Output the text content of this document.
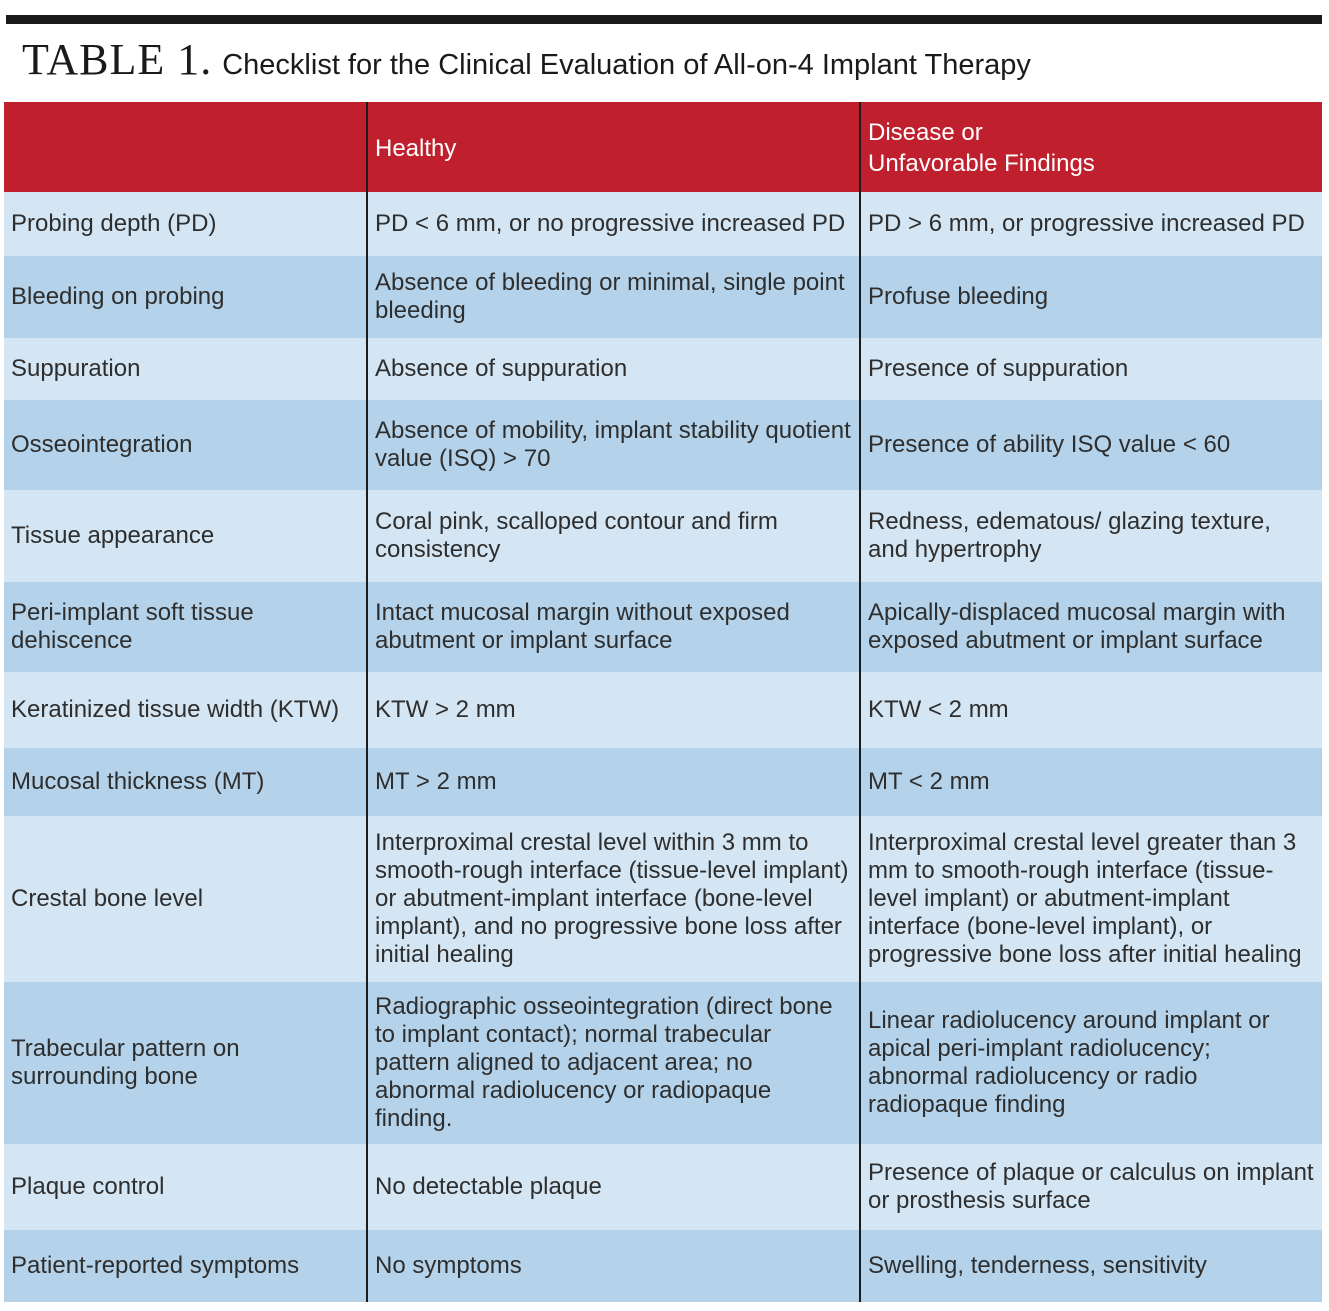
TABLE 1. Checklist for the Clinical Evaluation of All-on-4 Implant Therapy
	Healthy	Disease or
Unfavorable Findings
Probing depth (PD)	PD < 6 mm, or no progressive increased PD	PD > 6 mm, or progressive increased PD
Bleeding on probing	Absence of bleeding or minimal, single point bleeding	Profuse bleeding
Suppuration	Absence of suppuration	Presence of suppuration
Osseointegration	Absence of mobility, implant stability quotient value (ISQ) > 70	Presence of ability ISQ value < 60
Tissue appearance	Coral pink, scalloped contour and firm consistency	Redness, edematous/ glazing texture, and hypertrophy
Peri-implant soft tissue dehiscence	Intact mucosal margin without exposed abutment or implant surface	Apically-displaced mucosal margin with exposed abutment or implant surface
Keratinized tissue width (KTW)	KTW > 2 mm	KTW < 2 mm
Mucosal thickness (MT)	MT > 2 mm	MT < 2 mm
Crestal bone level	Interproximal crestal level within 3 mm to smooth-rough interface (tissue-level implant) or abutment-implant interface (bone-level implant), and no progressive bone loss after initial healing	Interproximal crestal level greater than 3 mm to smooth-rough interface (tissue-level implant) or abutment-implant interface (bone-level implant), or progressive bone loss after initial healing
Trabecular pattern on surrounding bone	Radiographic osseointegration (direct bone to implant contact); normal trabecular pattern aligned to adjacent area; no abnormal radiolucency or radiopaque finding.	Linear radiolucency around implant or apical peri-implant radiolucency; abnormal radiolucency or radio radiopaque finding
Plaque control	No detectable plaque	Presence of plaque or calculus on implant or prosthesis surface
Patient-reported symptoms	No symptoms	Swelling, tenderness, sensitivity
